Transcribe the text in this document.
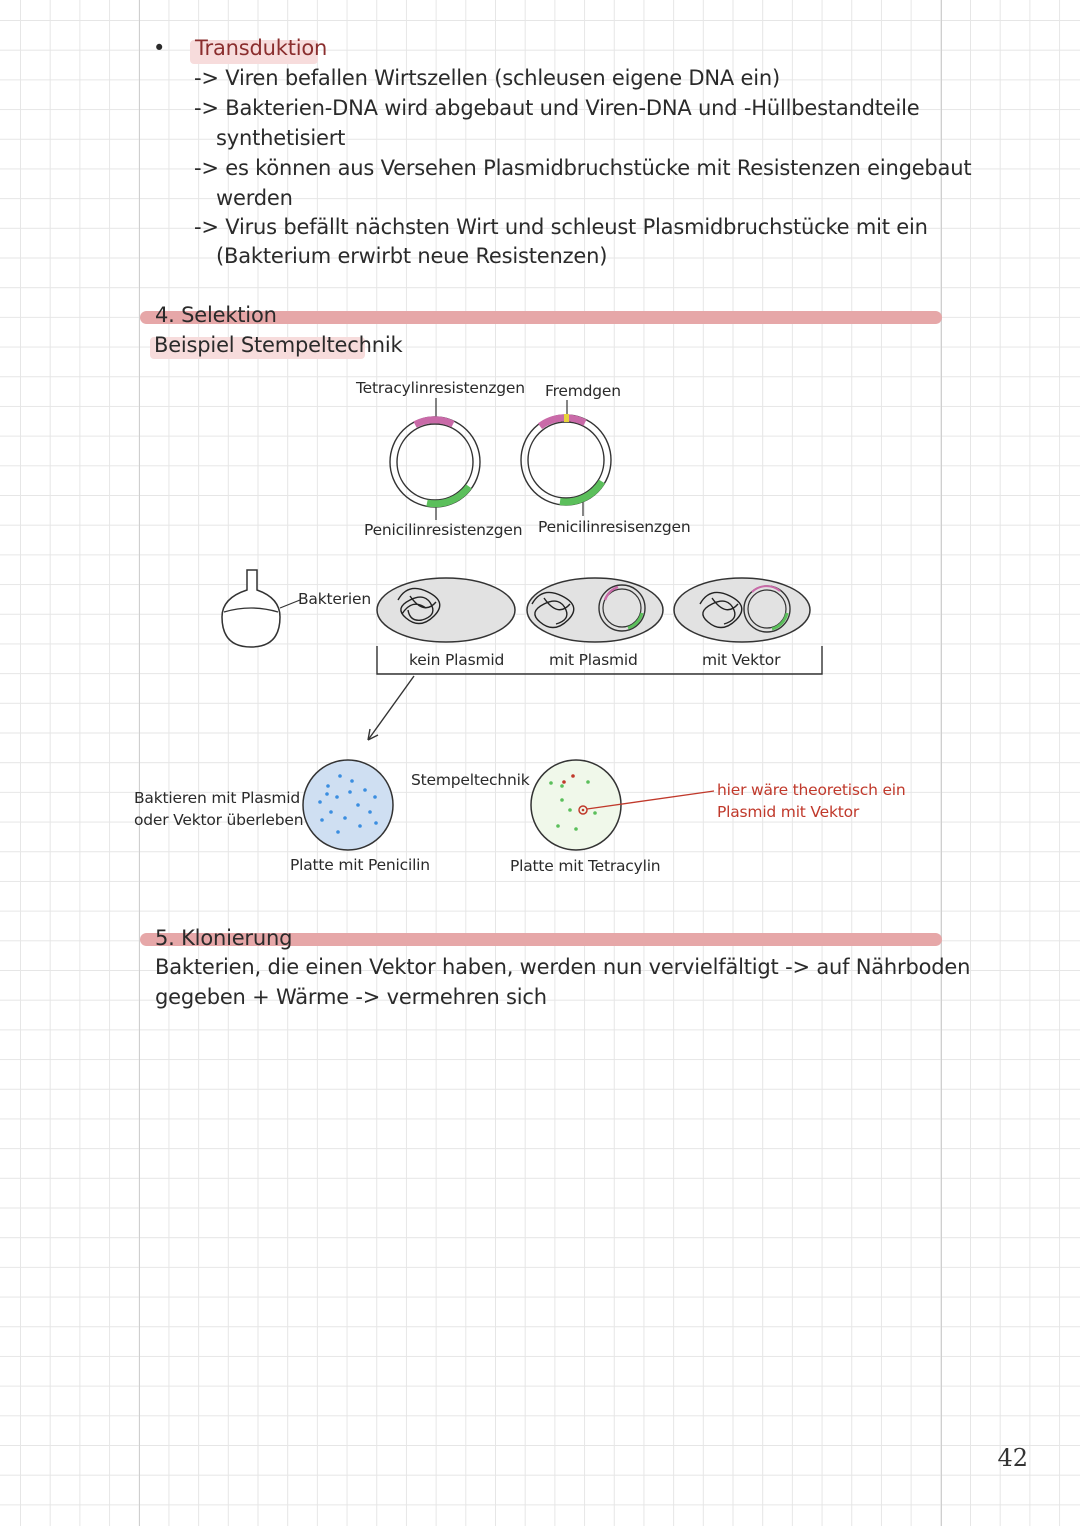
• Transduktion
-> Viren befallen Wirtszellen (schleusen eigene DNA ein)
-> Bakterien-DNA wird abgebaut und Viren-DNA und -Hüllbestandteile
synthetisiert
-> es können aus Versehen Plasmidbruchstücke mit Resistenzen eingebaut
werden
-> Virus befällt nächsten Wirt und schleust Plasmidbruchstücke mit ein
(Bakterium erwirbt neue Resistenzen)
4. Selektion
Beispiel Stempeltechnik
Tetracylinresistenzgen Fremdgen
Penicilinresistenzgen Penicilinresisenzgen
Bakterien
kein Plasmid	mit Plasmid	mit Vektor
Baktieren mit Plasmid
oder Vektor überleben
Stempeltechnik
Platte mit Penicilin	Platte mit Tetracylin
hier wäre theoretisch ein
Plasmid mit Vektor
5. Klonierung
Bakterien, die einen Vektor haben, werden nun vervielfältigt -> auf Nährboden
gegeben + Wärme -> vermehren sich
42
